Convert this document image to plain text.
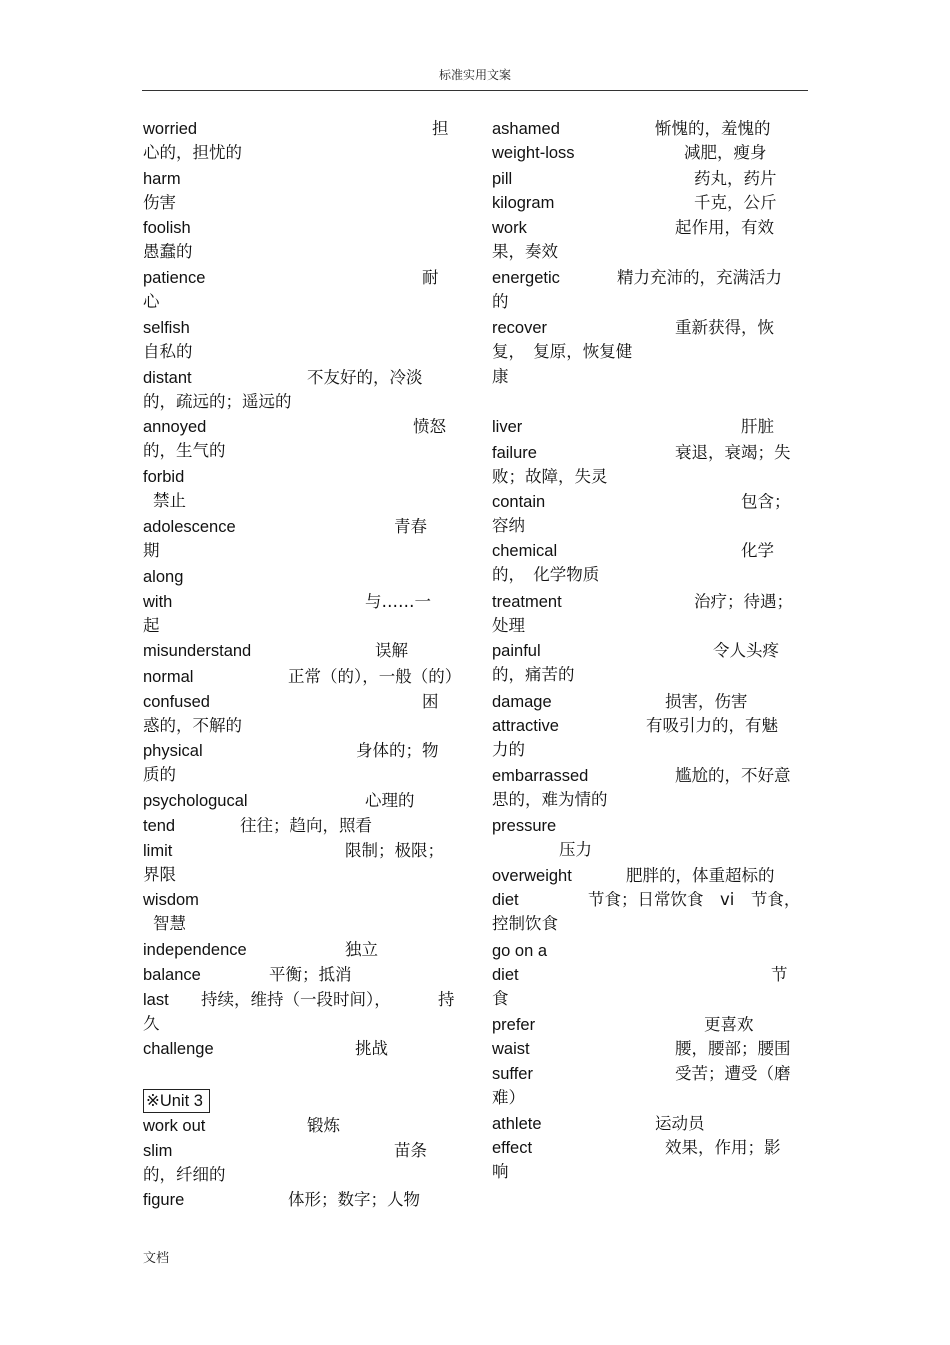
标准实用文案
worried	担
心的，担忧的
harm
伤害
foolish
愚蠢的
patience	耐
心
selfish
自私的
distant	不友好的，冷淡
的，疏远的；遥远的
annoyed	愤怒
的，生气的
forbid
禁止
adolescence	青春
期
along
with	与……一
起
misunderstand	误解
normal	正常（的），一般（的）
confused	困
惑的，不解的
physical	身体的；物
质的
psychologucal	心理的
tend	往往；趋向，照看
limit	限制；极限；
界限
wisdom
智慧
independence	独立
balance	平衡；抵消
last 持续，维持（一段时间），	持
久
challenge	挑战
※Unit 3
work out	锻炼
slim	苗条
的，纤细的
figure	体形；数字；人物
ashamed	惭愧的，羞愧的
weight-loss	减肥，瘦身
pill	药丸，药片
kilogram	千克，公斤
work	起作用，有效
果，奏效
energetic	精力充沛的，充满活力
的
recover	重新获得，恢
复，　复原，恢复健
康
liver	肝脏
failure	衰退，衰竭；失
败；故障，失灵
contain	包含；
容纳
chemical	化学
的，　化学物质
treatment	治疗；待遇；
处理
painful	令人头疼
的，痛苦的
damage	损害，伤害
attractive	有吸引力的，有魅
力的
embarrassed	尴尬的，不好意
思的，难为情的
pressure
压力
overweight	肥胖的，体重超标的
diet	节食；日常饮食　vi　节食，
控制饮食
go on a
diet	节
食
prefer	更喜欢
waist	腰，腰部；腰围
suffer	受苦；遭受（磨
难）
athlete	运动员
effect	效果，作用；影
响
文档
